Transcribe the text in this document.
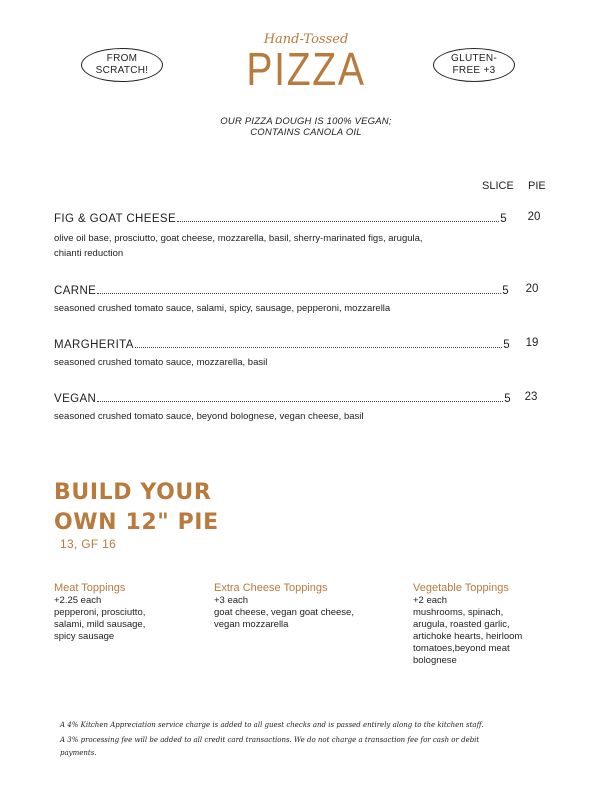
FROM
SCRATCH!
GLUTEN-
FREE +3
Hand-Tossed
PIZZA
OUR PIZZA DOUGH IS 100% VEGAN;
CONTAINS CANOLA OIL
SLICE PIE
FIG & GOAT CHEESE	5	20
olive oil base, prosciutto, goat cheese, mozzarella, basil, sherry-marinated figs, arugula,
chianti reduction
CARNE	5	20
seasoned crushed tomato sauce, salami, spicy, sausage, pepperoni, mozzarella
MARGHERITA	5	19
seasoned crushed tomato sauce, mozzarella, basil
VEGAN	5	23
seasoned crushed tomato sauce, beyond bolognese, vegan cheese, basil
BUILD YOUR
OWN 12" PIE
13, GF 16
Meat Toppings
+2.25 each
pepperoni, prosciutto,
salami, mild sausage,
spicy sausage
Extra Cheese Toppings
+3 each
goat cheese, vegan goat cheese,
vegan mozzarella
Vegetable Toppings
+2 each
mushrooms, spinach,
arugula, roasted garlic,
artichoke hearts, heirloom
tomatoes,beyond meat
bolognese
A 4% Kitchen Appreciation service charge is added to all guest checks and is passed entirely along to the kitchen staff.
A 3% processing fee will be added to all credit card transactions. We do not charge a transaction fee for cash or debit
payments.
